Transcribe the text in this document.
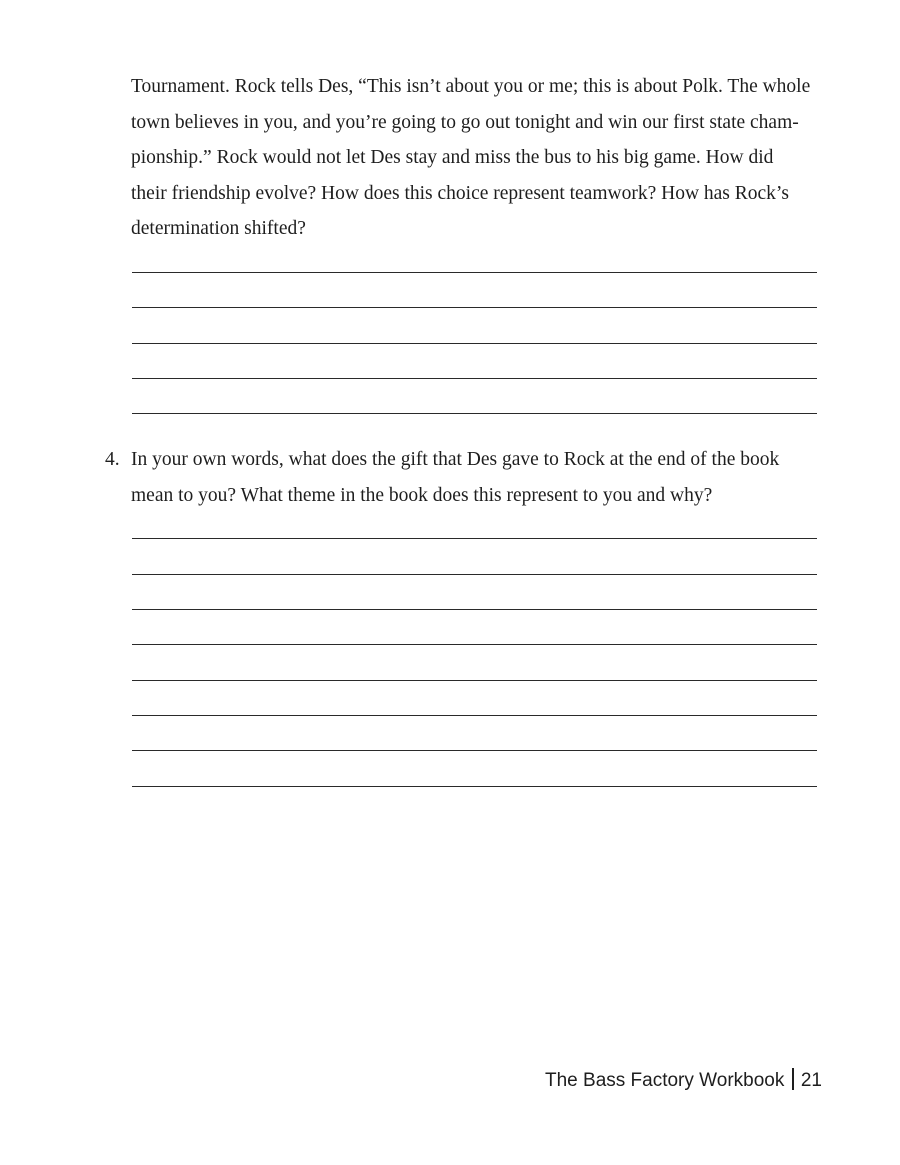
Tournament. Rock tells Des, “This isn’t about you or me; this is about Polk. The whole
town believes in you, and you’re going to go out tonight and win our first state cham-
pionship.” Rock would not let Des stay and miss the bus to his big game. How did
their friendship evolve? How does this choice represent teamwork? How has Rock’s
determination shifted?
4. In your own words, what does the gift that Des gave to Rock at the end of the book
mean to you? What theme in the book does this represent to you and why?
The Bass Factory Workbook 21
